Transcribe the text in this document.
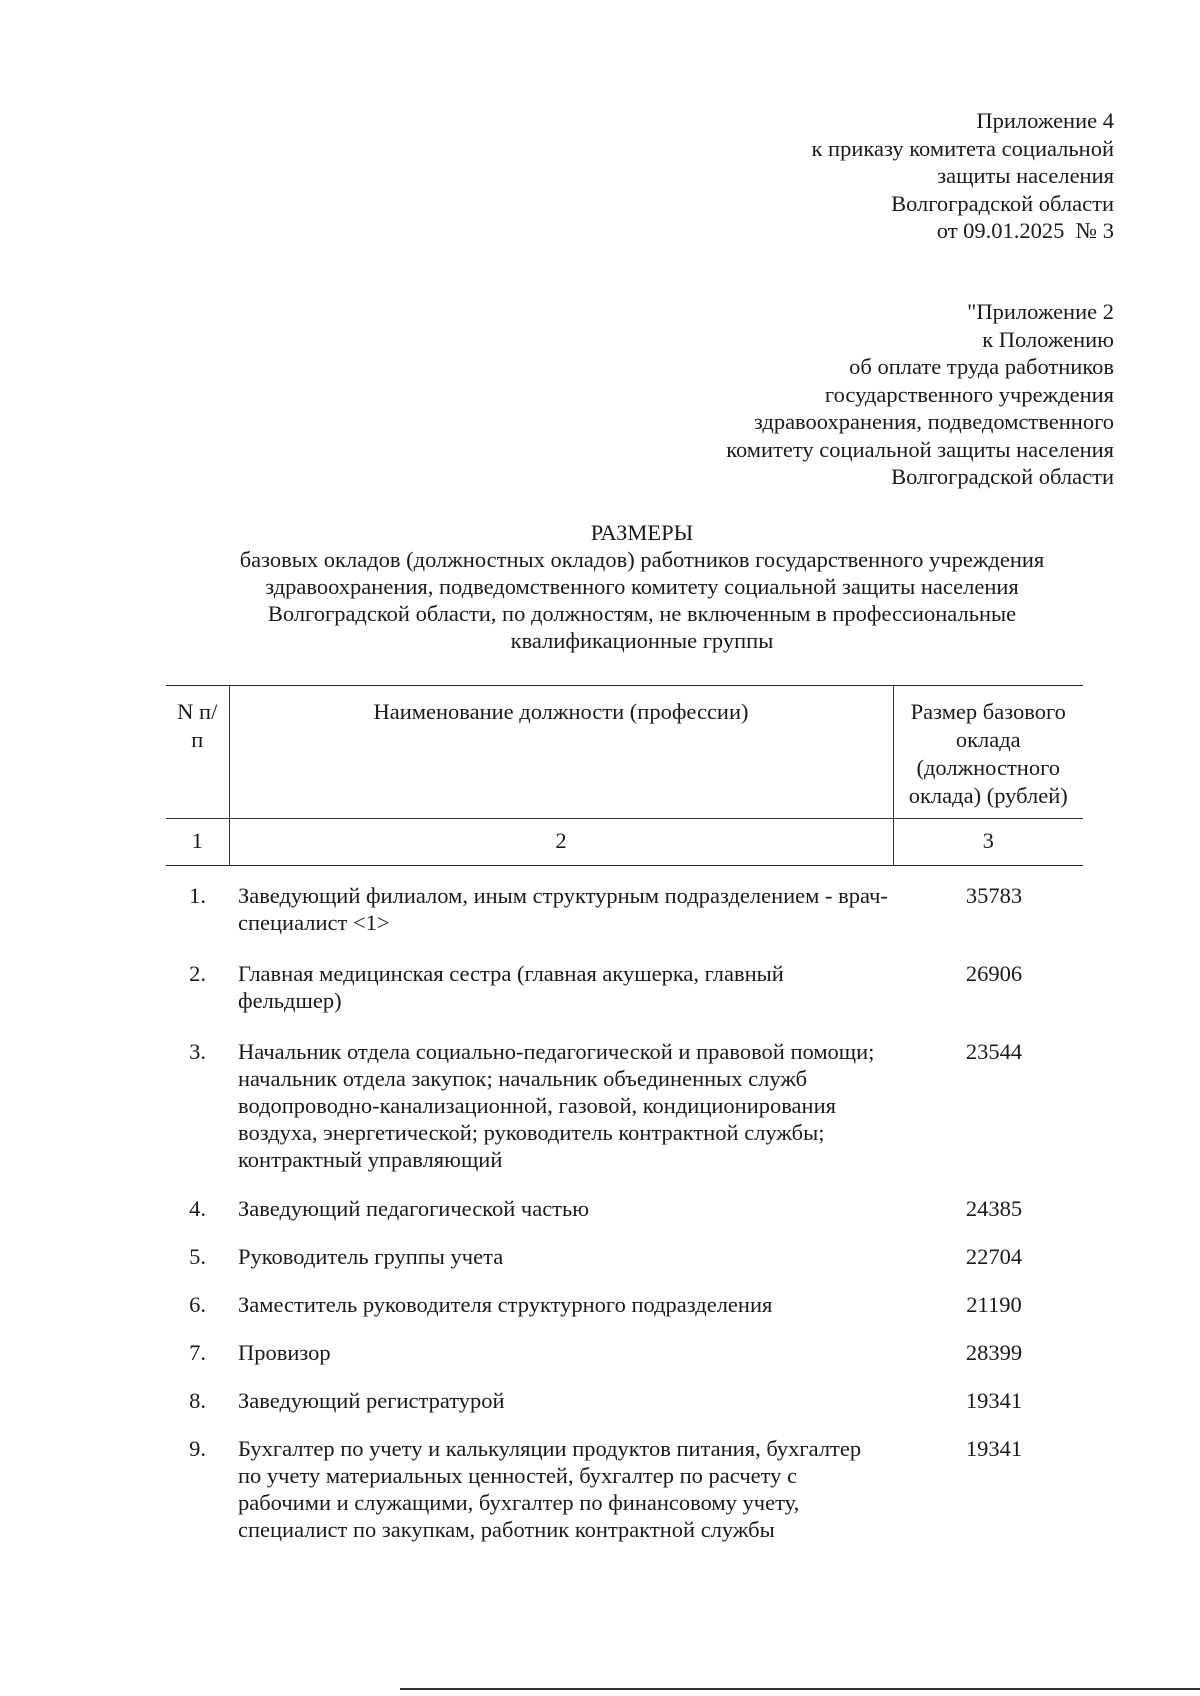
Приложение 4
к приказу комитета социальной
защиты населения
Волгоградской области
от 09.01.2025  № 3
"Приложение 2
к Положению
об оплате труда работников
государственного учреждения
здравоохранения, подведомственного
комитету социальной защиты населения
Волгоградской области
РАЗМЕРЫ
базовых окладов (должностных окладов) работников государственного учреждения
здравоохранения, подведомственного комитету социальной защиты населения
Волгоградской области, по должностям, не включенным в профессиональные
квалификационные группы
N п/п	Наименование должности (профессии)	Размер базового оклада (должностного оклада) (рублей)
1	2	3
1.	Заведующий филиалом, иным структурным подразделением - врач-специалист <1>	35783

2.	Главная медицинская сестра (главная акушерка, главный фельдшер)	26906

3.	Начальник отдела социально-педагогической и правовой помощи; начальник отдела закупок; начальник объединенных служб водопроводно-канализационной, газовой, кондиционирования воздуха, энергетической; руководитель контрактной службы; контрактный управляющий	23544

4.	Заведующий педагогической частью	24385

5.	Руководитель группы учета	22704

6.	Заместитель руководителя структурного подразделения	21190

7.	Провизор	28399

8.	Заведующий регистратурой	19341

9.	Бухгалтер по учету и калькуляции продуктов питания, бухгалтер по учету материальных ценностей, бухгалтер по расчету с рабочими и служащими, бухгалтер по финансовому учету, специалист по закупкам, работник контрактной службы	19341
